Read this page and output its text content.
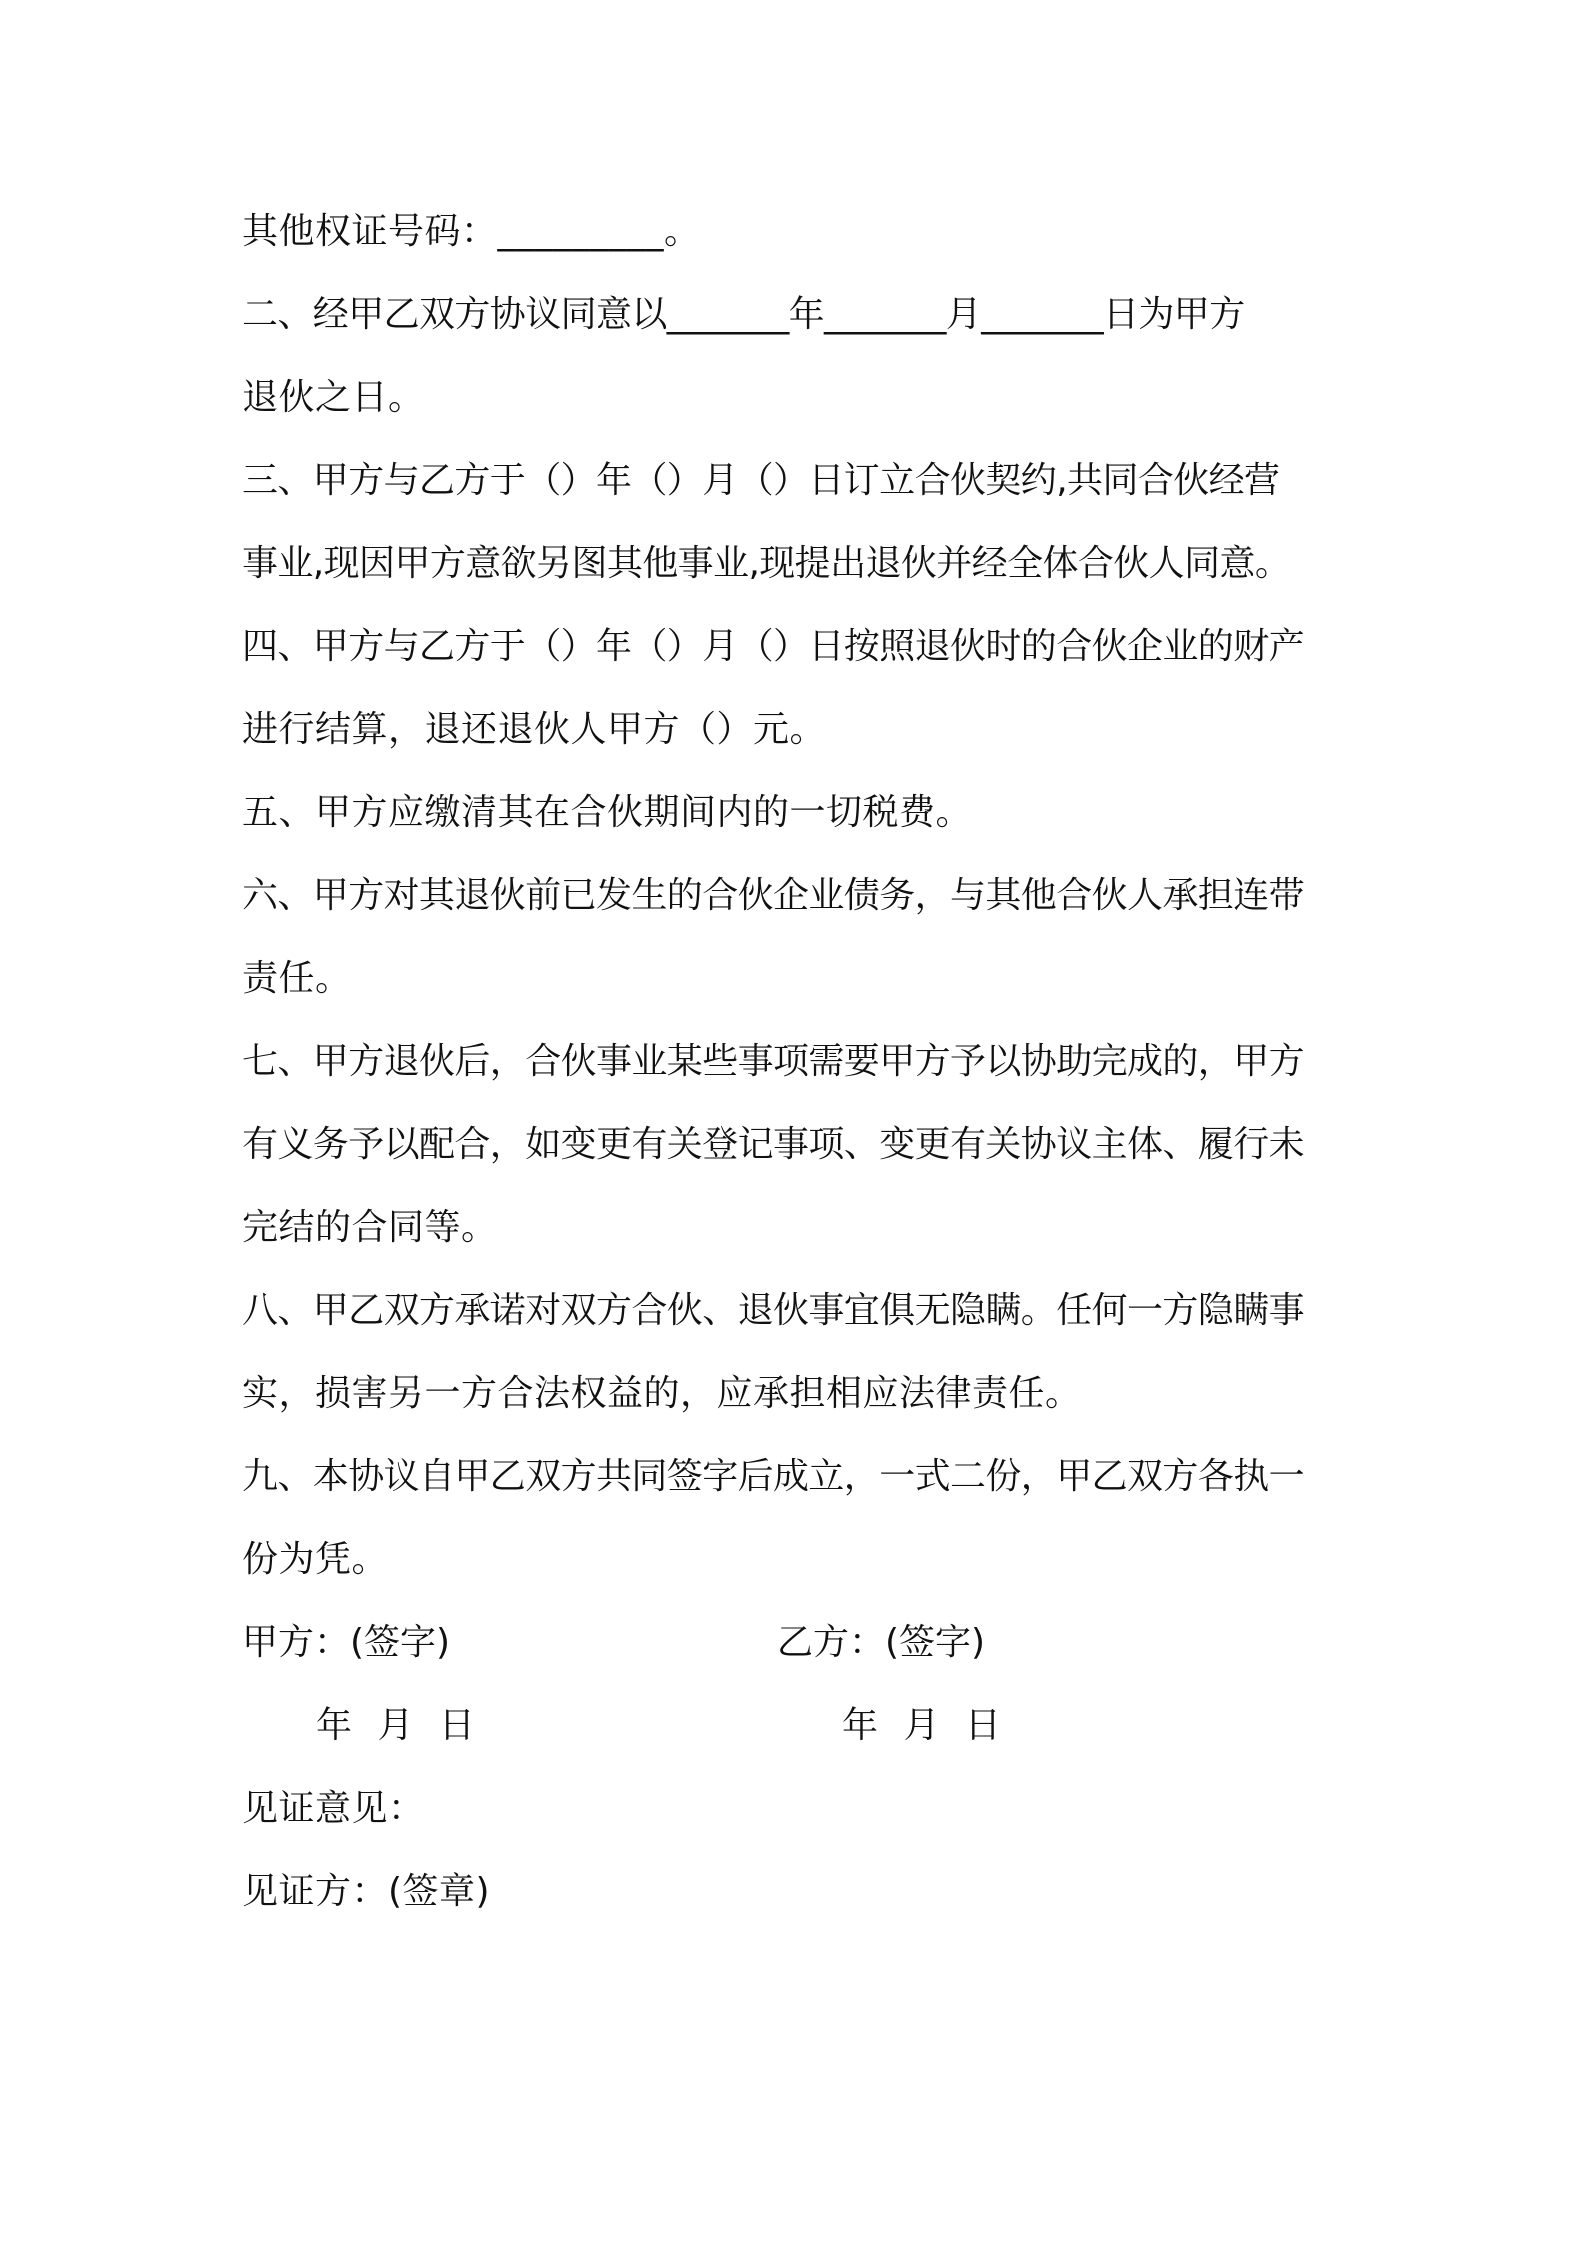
其他权证号码：_________。
二、经甲乙双方协议同意以_______年_______月_______日为甲方
退伙之日。
三、甲方与乙方于（）年（）月（）日订立合伙契约,共同合伙经营
事业,现因甲方意欲另图其他事业,现提出退伙并经全体合伙人同意。
四、甲方与乙方于（）年（）月（）日按照退伙时的合伙企业的财产
进行结算，退还退伙人甲方（）元。
五、甲方应缴清其在合伙期间内的一切税费。
六、甲方对其退伙前已发生的合伙企业债务，与其他合伙人承担连带
责任。
七、甲方退伙后，合伙事业某些事项需要甲方予以协助完成的，甲方
有义务予以配合，如变更有关登记事项、变更有关协议主体、履行未
完结的合同等。
八、甲乙双方承诺对双方合伙、退伙事宜俱无隐瞒。任何一方隐瞒事
实，损害另一方合法权益的，应承担相应法律责任。
九、本协议自甲乙双方共同签字后成立，一式二份，甲乙双方各执一
份为凭。
甲方：(签字)	乙方：(签字)
年 月 日	年 月 日
见证意见：
见证方：(签章)
